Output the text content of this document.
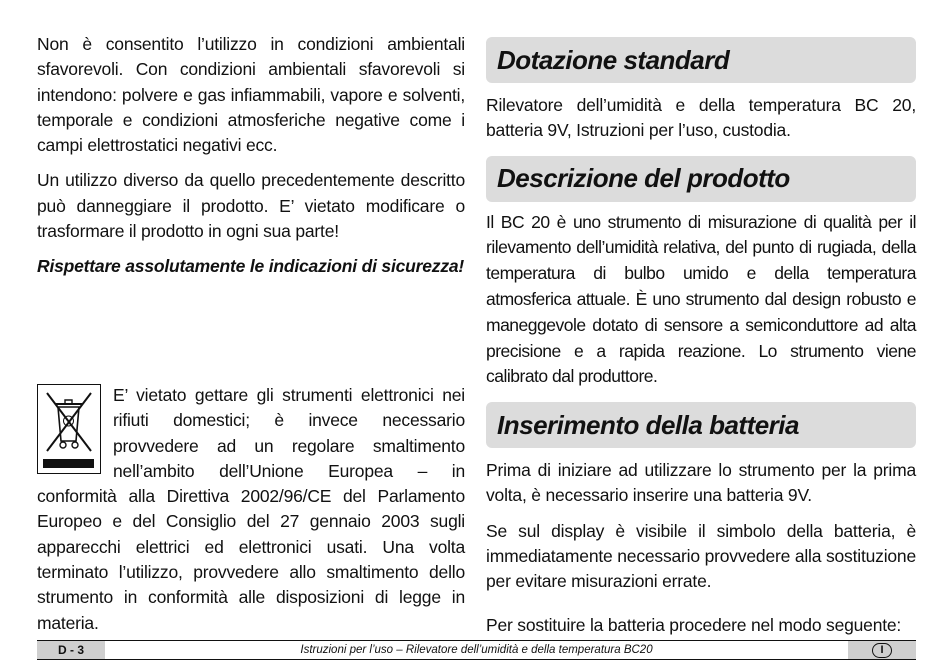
Non è consentito l’utilizzo in condizioni ambientali sfavorevoli. Con condizioni ambientali sfavorevoli si intendono: polvere e gas infiammabili, vapore e solventi, temporale e condizioni atmosferiche negative come i campi elettrostatici negativi ecc.

Un utilizzo diverso da quello precedentemente descritto può danneggiare il prodotto. E’ vietato modificare o trasformare il prodotto in ogni sua parte!

Rispettare assolutamente le indicazioni di sicurezza!

E’ vietato gettare gli strumenti elettronici nei rifiuti domestici; è invece necessario provvedere ad un regolare smaltimento nell’ambito dell’Unione Europea – in conformità alla Direttiva 2002/96/CE del Parlamento Europeo e del Consiglio del 27 gennaio 2003 sugli apparecchi elettrici ed elettronici usati. Una volta terminato l’utilizzo, provvedere allo smaltimento dello strumento in conformità alle disposizioni di legge in materia.

Dotazione standard

Rilevatore dell’umidità e della temperatura BC 20, batteria 9V, Istruzioni per l’uso, custodia.

Descrizione del prodotto

Il BC 20 è uno strumento di misurazione di qualità per il rilevamento dell’umidità relativa, del punto di rugiada, della temperatura di bulbo umido e della temperatura atmosferica attuale. È uno strumento dal design robusto e maneggevole dotato di sensore a semiconduttore ad alta precisione e a rapida reazione. Lo strumento viene calibrato dal produttore.

Inserimento della batteria

Prima di iniziare ad utilizzare lo strumento per la prima volta, è necessario inserire una batteria 9V.

Se sul display è visibile il simbolo della batteria, è immediatamente necessario provvedere alla sostituzione per evitare misurazioni errate.

Per sostituire la batteria procedere nel modo seguente:

D - 3	Istruzioni per l’uso – Rilevatore dell’umidità e della temperatura BC20	I
